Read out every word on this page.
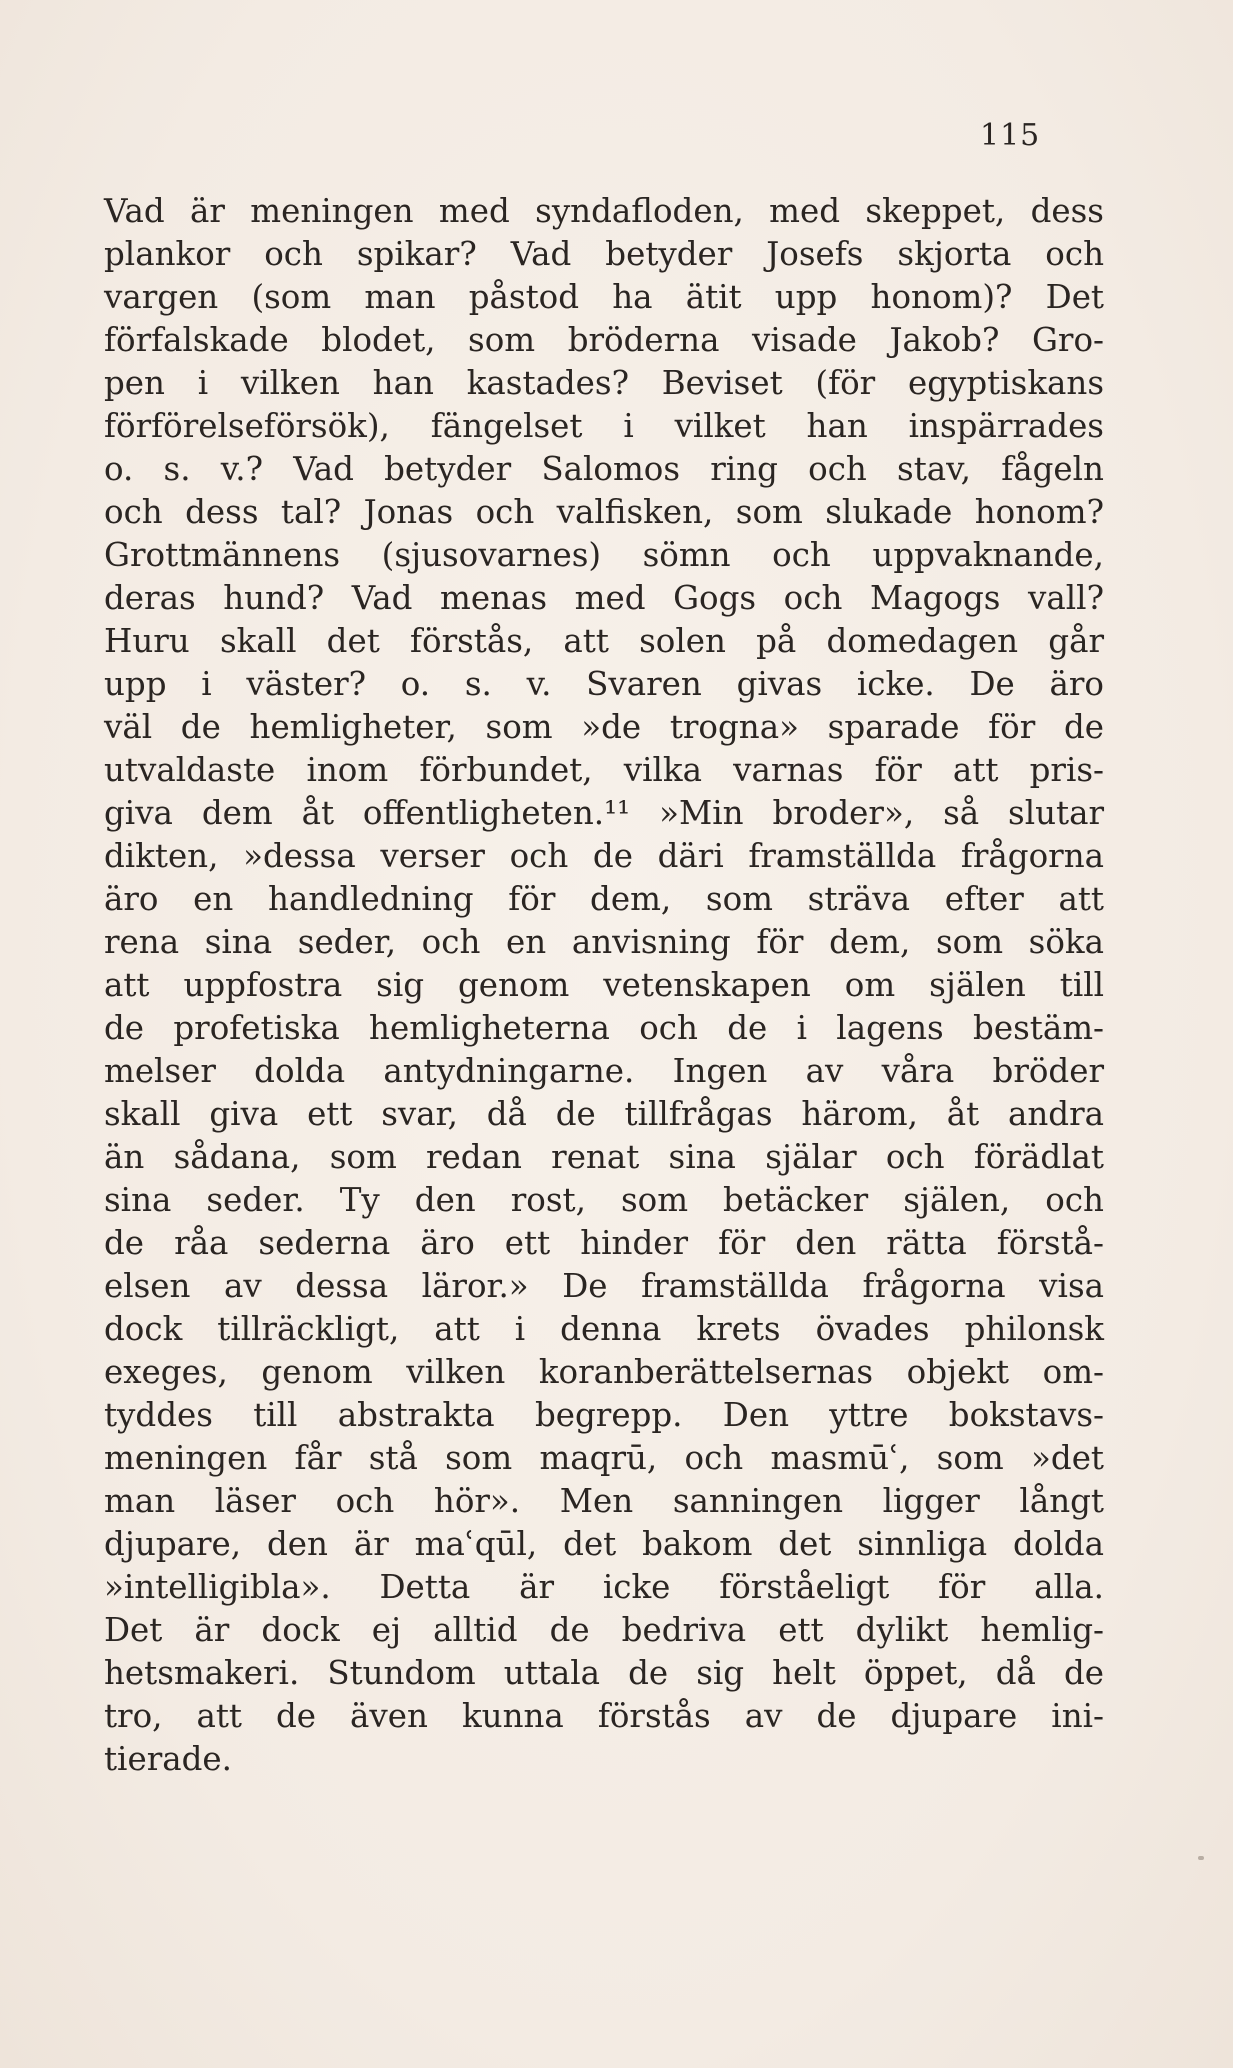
115
Vad är meningen med syndafloden, med skeppet, dess
plankor och spikar? Vad betyder Josefs skjorta och
vargen (som man påstod ha ätit upp honom)? Det
förfalskade blodet, som bröderna visade Jakob? Gro-
pen i vilken han kastades? Beviset (för egyptiskans
förförelseförsök), fängelset i vilket han inspärrades
o. s. v.? Vad betyder Salomos ring och stav, fågeln
och dess tal? Jonas och valfisken, som slukade honom?
Grottmännens (sjusovarnes) sömn och uppvaknande,
deras hund? Vad menas med Gogs och Magogs vall?
Huru skall det förstås, att solen på domedagen går
upp i väster? o. s. v. Svaren givas icke. De äro
väl de hemligheter, som »de trogna» sparade för de
utvaldaste inom förbundet, vilka varnas för att pris-
giva dem åt offentligheten.¹¹ »Min broder», så slutar
dikten, »dessa verser och de däri framställda frågorna
äro en handledning för dem, som sträva efter att
rena sina seder, och en anvisning för dem, som söka
att uppfostra sig genom vetenskapen om själen till
de profetiska hemligheterna och de i lagens bestäm-
melser dolda antydningarne. Ingen av våra bröder
skall giva ett svar, då de tillfrågas härom, åt andra
än sådana, som redan renat sina själar och förädlat
sina seder. Ty den rost, som betäcker själen, och
de råa sederna äro ett hinder för den rätta förstå-
elsen av dessa läror.» De framställda frågorna visa
dock tillräckligt, att i denna krets övades philonsk
exeges, genom vilken koranberättelsernas objekt om-
tyddes till abstrakta begrepp. Den yttre bokstavs-
meningen får stå som maqrū, och masmūʿ, som »det
man läser och hör». Men sanningen ligger långt
djupare, den är maʿqūl, det bakom det sinnliga dolda
»intelligibla». Detta är icke förståeligt för alla.
Det är dock ej alltid de bedriva ett dylikt hemlig-
hetsmakeri. Stundom uttala de sig helt öppet, då de
tro, att de även kunna förstås av de djupare ini-
tierade.
